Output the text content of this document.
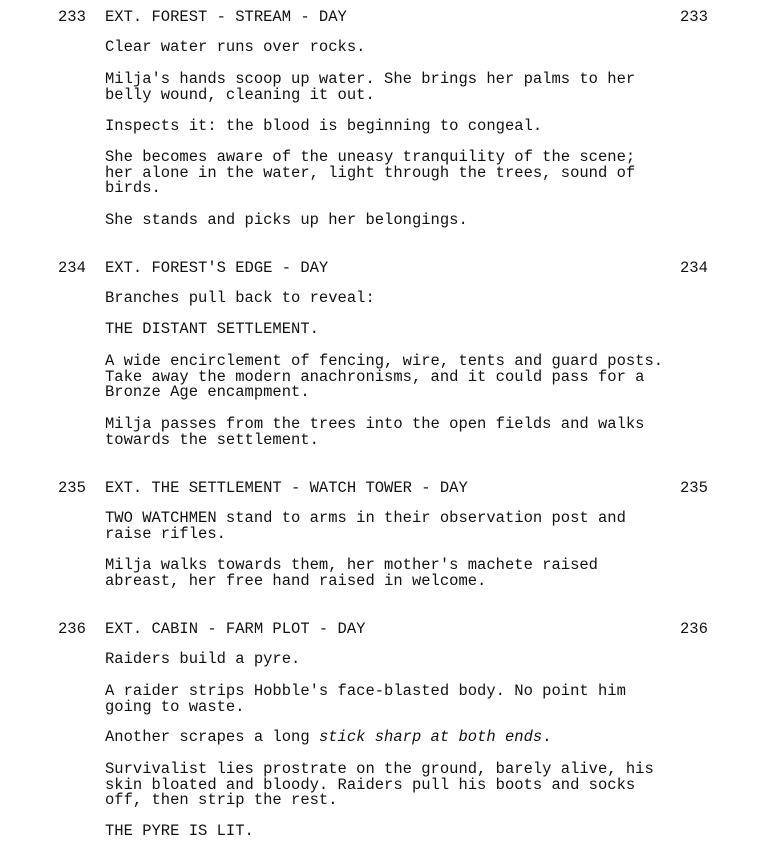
233 EXT. FOREST - STREAM - DAY	233

Clear water runs over rocks.

Milja's hands scoop up water. She brings her palms to her
belly wound, cleaning it out.

Inspects it: the blood is beginning to congeal.

She becomes aware of the uneasy tranquility of the scene;
her alone in the water, light through the trees, sound of
birds.

She stands and picks up her belongings.

234 EXT. FOREST'S EDGE - DAY	234

Branches pull back to reveal:

THE DISTANT SETTLEMENT.

A wide encirclement of fencing, wire, tents and guard posts.
Take away the modern anachronisms, and it could pass for a
Bronze Age encampment.

Milja passes from the trees into the open fields and walks
towards the settlement.

235 EXT. THE SETTLEMENT - WATCH TOWER - DAY	235

TWO WATCHMEN stand to arms in their observation post and
raise rifles.

Milja walks towards them, her mother's machete raised
abreast, her free hand raised in welcome.

236 EXT. CABIN - FARM PLOT - DAY	236

Raiders build a pyre.

A raider strips Hobble's face-blasted body. No point him
going to waste.

Another scrapes a long stick sharp at both ends.

Survivalist lies prostrate on the ground, barely alive, his
skin bloated and bloody. Raiders pull his boots and socks
off, then strip the rest.

THE PYRE IS LIT.
